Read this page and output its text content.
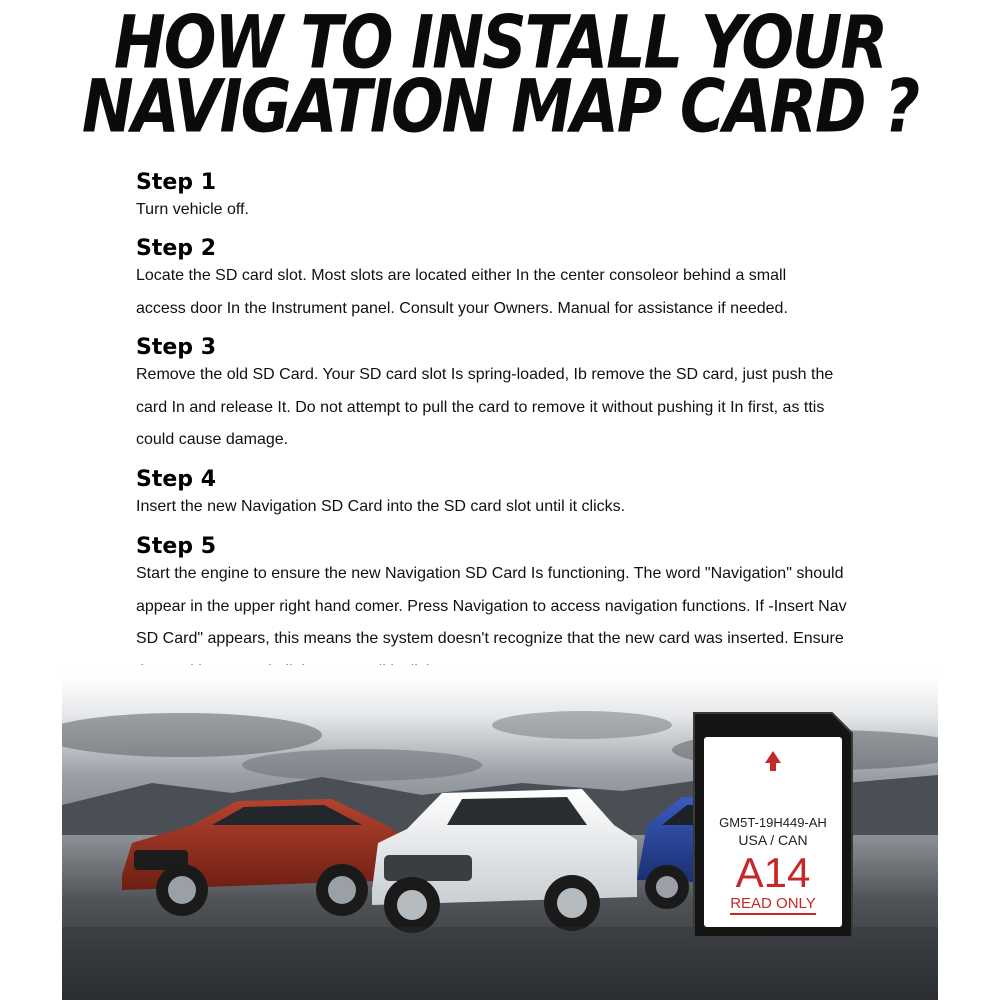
HOW TO INSTALL YOUR
NAVIGATION MAP CARD ?
Step 1
Turn vehicle off.
Step 2
Locate the SD card slot. Most slots are located either In the center consoleor behind a small
access door In the Instrument panel. Consult your Owners. Manual for assistance if needed.
Step 3
Remove the old SD Card. Your SD card slot Is spring-loaded, Ib remove the SD card, just push the
card In and release It. Do not attempt to pull the card to remove it without pushing it In first, as ttis
could cause damage.
Step 4
Insert the new Navigation SD Card into the SD card slot until it clicks.
Step 5
Start the engine to ensure the new Navigation SD Card Is functioning. The word "Navigation" should
appear in the upper right hand comer. Press Navigation to access navigation functions. If -Insert Nav
SD Card" appears, this means the system doesn't recognize that the new card was inserted. Ensure
GM5T-19H449-AH
USA / CAN
A14
READ ONLY
